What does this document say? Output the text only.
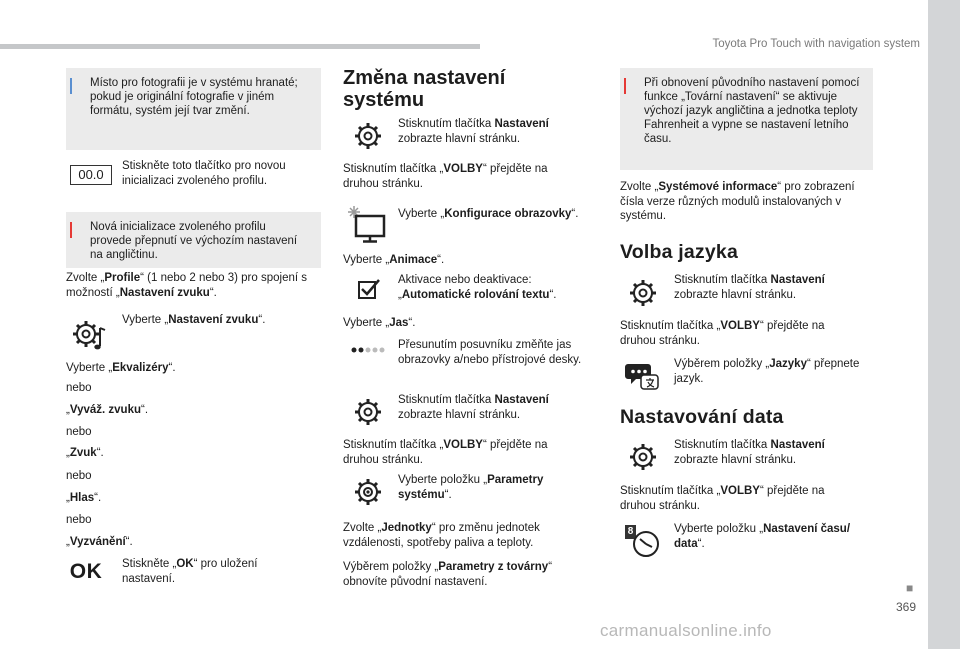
Toyota Pro Touch with navigation system
Místo pro fotografii je v systému hranaté;
pokud je originální fotografie v jiném
formátu, systém její tvar změní.
00.0
Stiskněte toto tlačítko pro novou
inicializaci zvoleného profilu.
Nová inicializace zvoleného profilu
provede přepnutí ve výchozím nastavení
na angličtinu.
Zvolte „Profile“ (1 nebo 2 nebo 3) pro spojení s
možností „Nastavení zvuku“.
Vyberte „Nastavení zvuku“.
Vyberte „Ekvalizéry“.
nebo
„Vyváž. zvuku“.
nebo
„Zvuk“.
nebo
„Hlas“.
nebo
„Vyzvánění“.
OK	Stiskněte „OK“ pro uložení
nastavení.
Změna nastavení
systému
Stisknutím tlačítka Nastavení
zobrazte hlavní stránku.
Stisknutím tlačítka „VOLBY“ přejděte na
druhou stránku.
Vyberte „Konfigurace obrazovky“.
Vyberte „Animace“.
Aktivace nebo deaktivace:
„Automatické rolování textu“.
Vyberte „Jas“.
Přesunutím posuvníku změňte jas
obrazovky a/nebo přístrojové desky.
Stisknutím tlačítka Nastavení
zobrazte hlavní stránku.
Stisknutím tlačítka „VOLBY“ přejděte na
druhou stránku.
Vyberte položku „Parametry
systému“.
Zvolte „Jednotky“ pro změnu jednotek
vzdálenosti, spotřeby paliva a teploty.
Výběrem položky „Parametry z továrny“
obnovíte původní nastavení.
Při obnovení původního nastavení pomocí
funkce „Tovární nastavení“ se aktivuje
výchozí jazyk angličtina a jednotka teploty
Fahrenheit a vypne se nastavení letního
času.
Zvolte „Systémové informace“ pro zobrazení
čísla verze různých modulů instalovaných v
systému.
Volba jazyka
Stisknutím tlačítka Nastavení
zobrazte hlavní stránku.
Stisknutím tlačítka „VOLBY“ přejděte na
druhou stránku.
Výběrem položky „Jazyky“ přepnete
jazyk.
Nastavování data
Stisknutím tlačítka Nastavení
zobrazte hlavní stránku.
Stisknutím tlačítka „VOLBY“ přejděte na
druhou stránku.
8	Vyberte položku „Nastavení času/
data“.
■
369
carmanualsonline.info
